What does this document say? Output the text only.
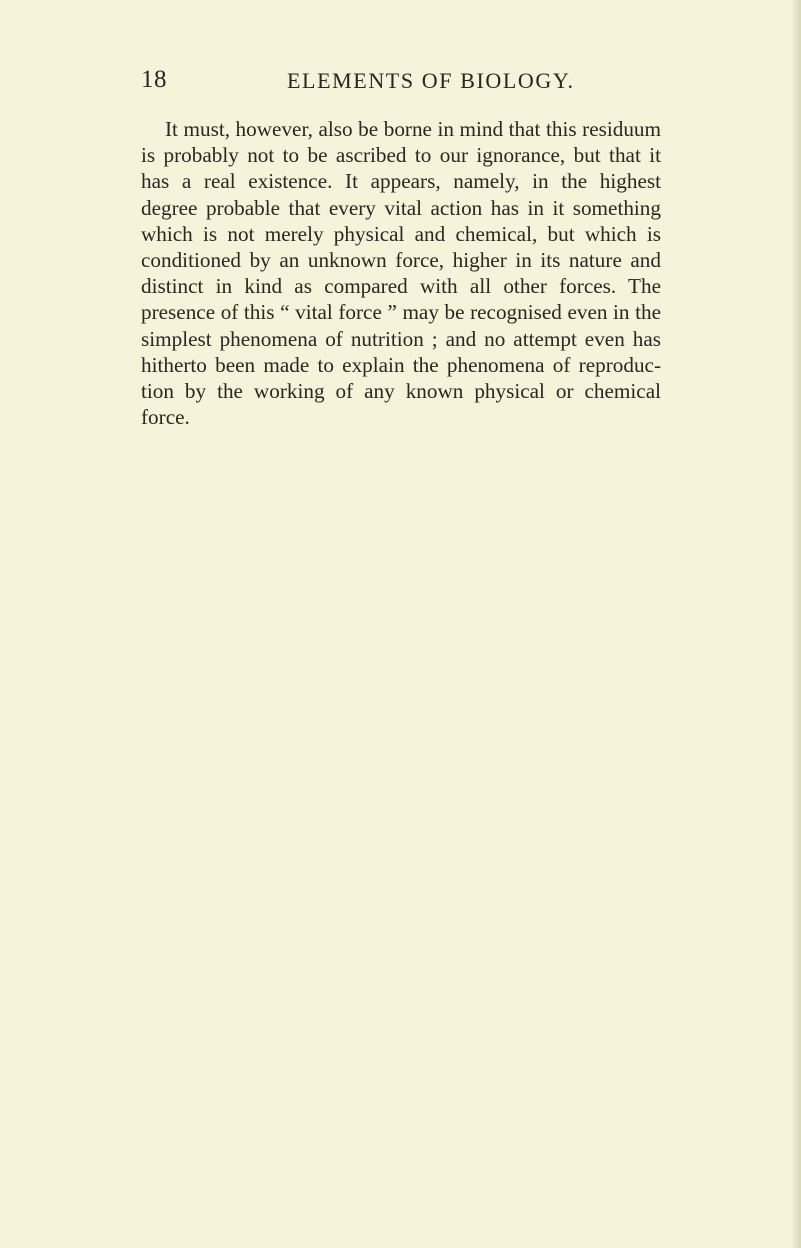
18	ELEMENTS OF BIOLOGY.
It must, however, also be borne in mind that this residuum
is probably not to be ascribed to our ignorance, but that it
has a real existence. It appears, namely, in the highest
degree probable that every vital action has in it something
which is not merely physical and chemical, but which is
conditioned by an unknown force, higher in its nature and
distinct in kind as compared with all other forces. The
presence of this “ vital force ” may be recognised even in the
simplest phenomena of nutrition ; and no attempt even has
hitherto been made to explain the phenomena of reproduc-
tion by the working of any known physical or chemical
force.
